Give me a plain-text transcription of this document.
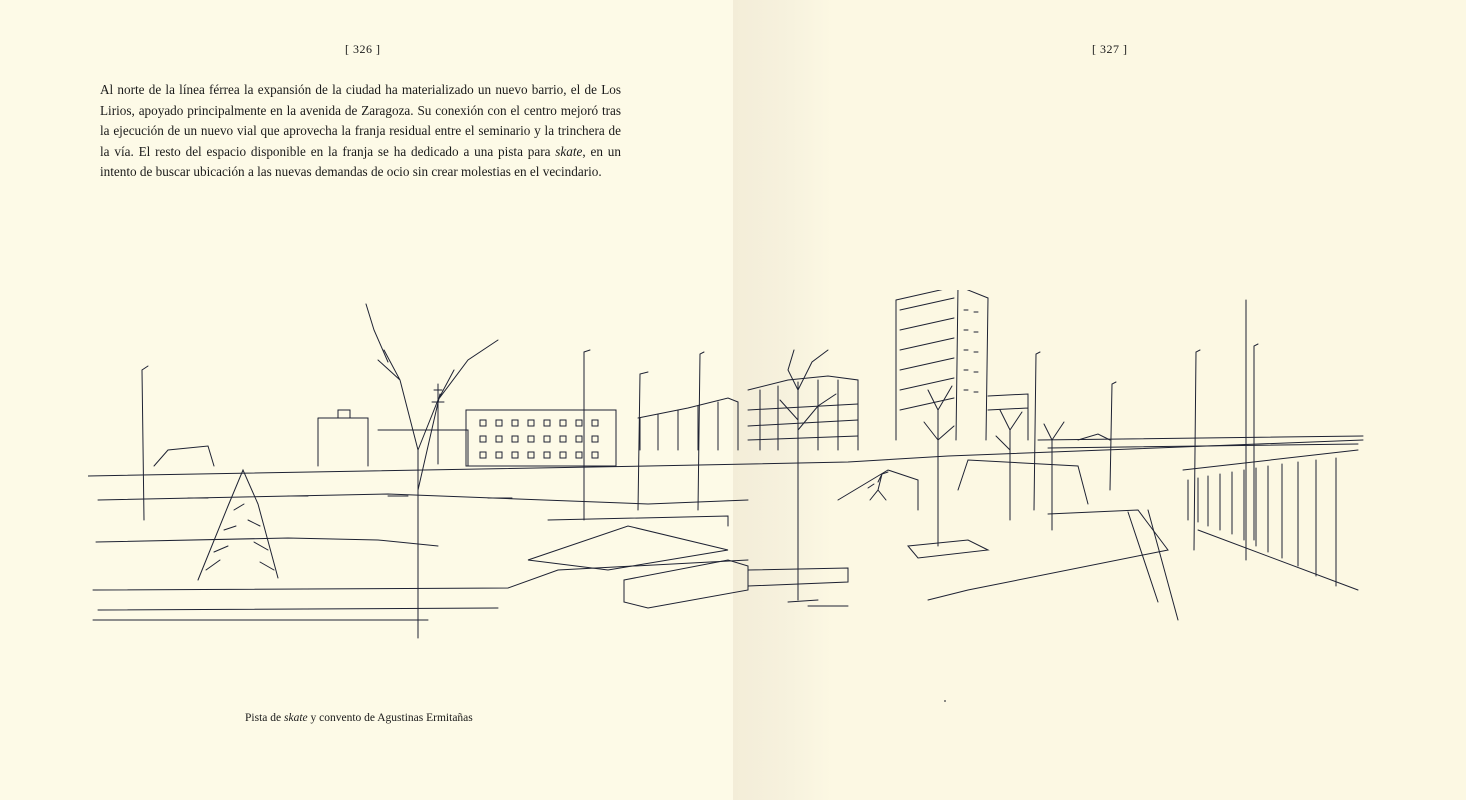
[ 326 ]	[ 327 ]

Al norte de la línea férrea la expansión de la ciudad ha materializado un nuevo barrio, el de Los Lirios, apoyado principalmente en la avenida de Zaragoza. Su conexión con el centro mejoró tras la ejecución de un nuevo vial que aprovecha la franja residual entre el seminario y la trinchera de la vía. El resto del espacio disponible en la franja se ha dedicado a una pista para skate, en un intento de buscar ubicación a las nuevas demandas de ocio sin crear molestias en el vecindario.

Pista de skate y convento de Agustinas Ermitañas
